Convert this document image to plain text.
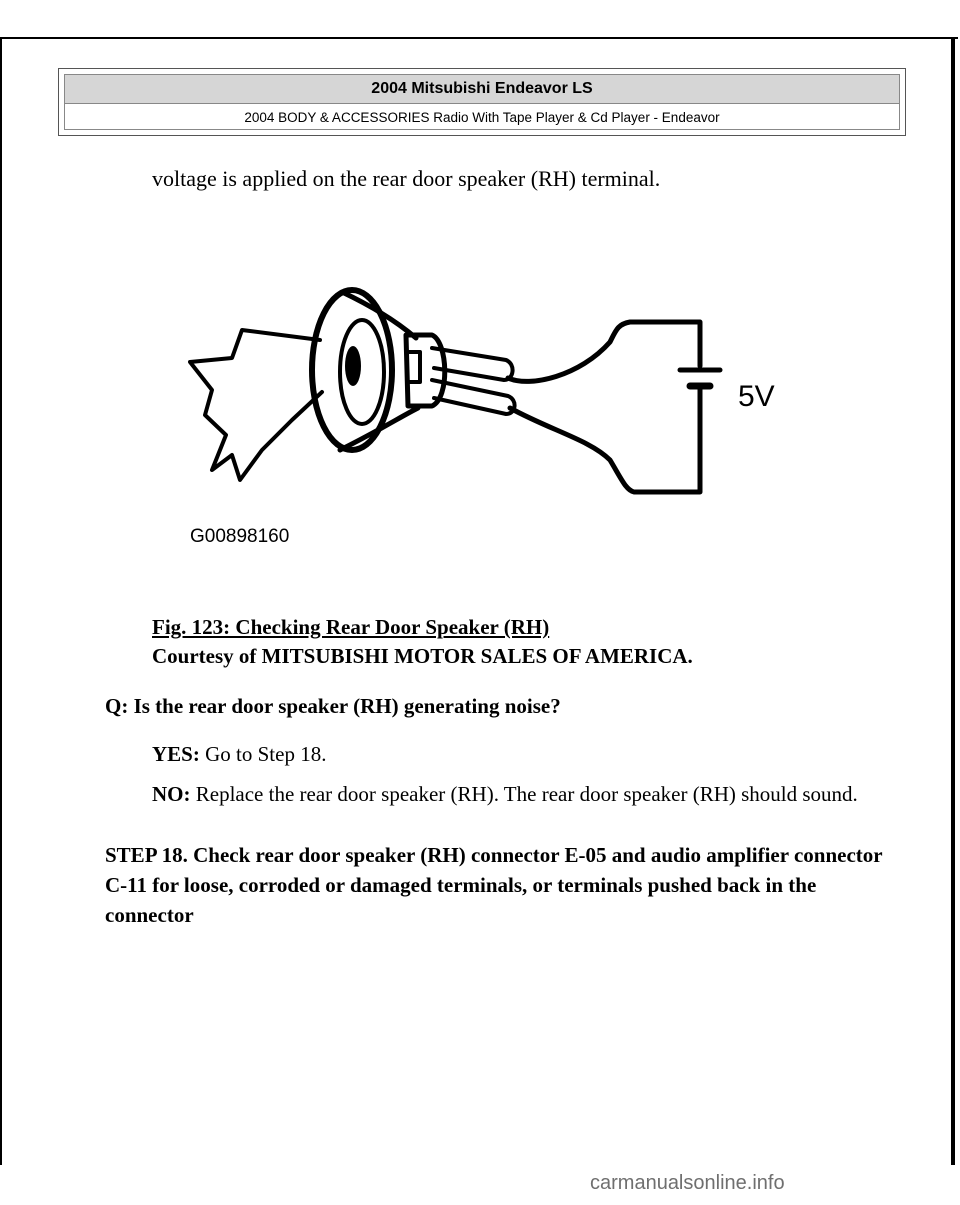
2004 Mitsubishi Endeavor LS
2004 BODY & ACCESSORIES Radio With Tape Player & Cd Player - Endeavor
voltage is applied on the rear door speaker (RH) terminal.
5V
G00898160
Fig. 123: Checking Rear Door Speaker (RH)
Courtesy of MITSUBISHI MOTOR SALES OF AMERICA.
Q: Is the rear door speaker (RH) generating noise?
YES: Go to Step 18.
NO: Replace the rear door speaker (RH). The rear door speaker (RH) should sound.
STEP 18. Check rear door speaker (RH) connector E-05 and audio amplifier connector C-11 for loose, corroded or damaged terminals, or terminals pushed back in the connector
carmanualsonline.info
